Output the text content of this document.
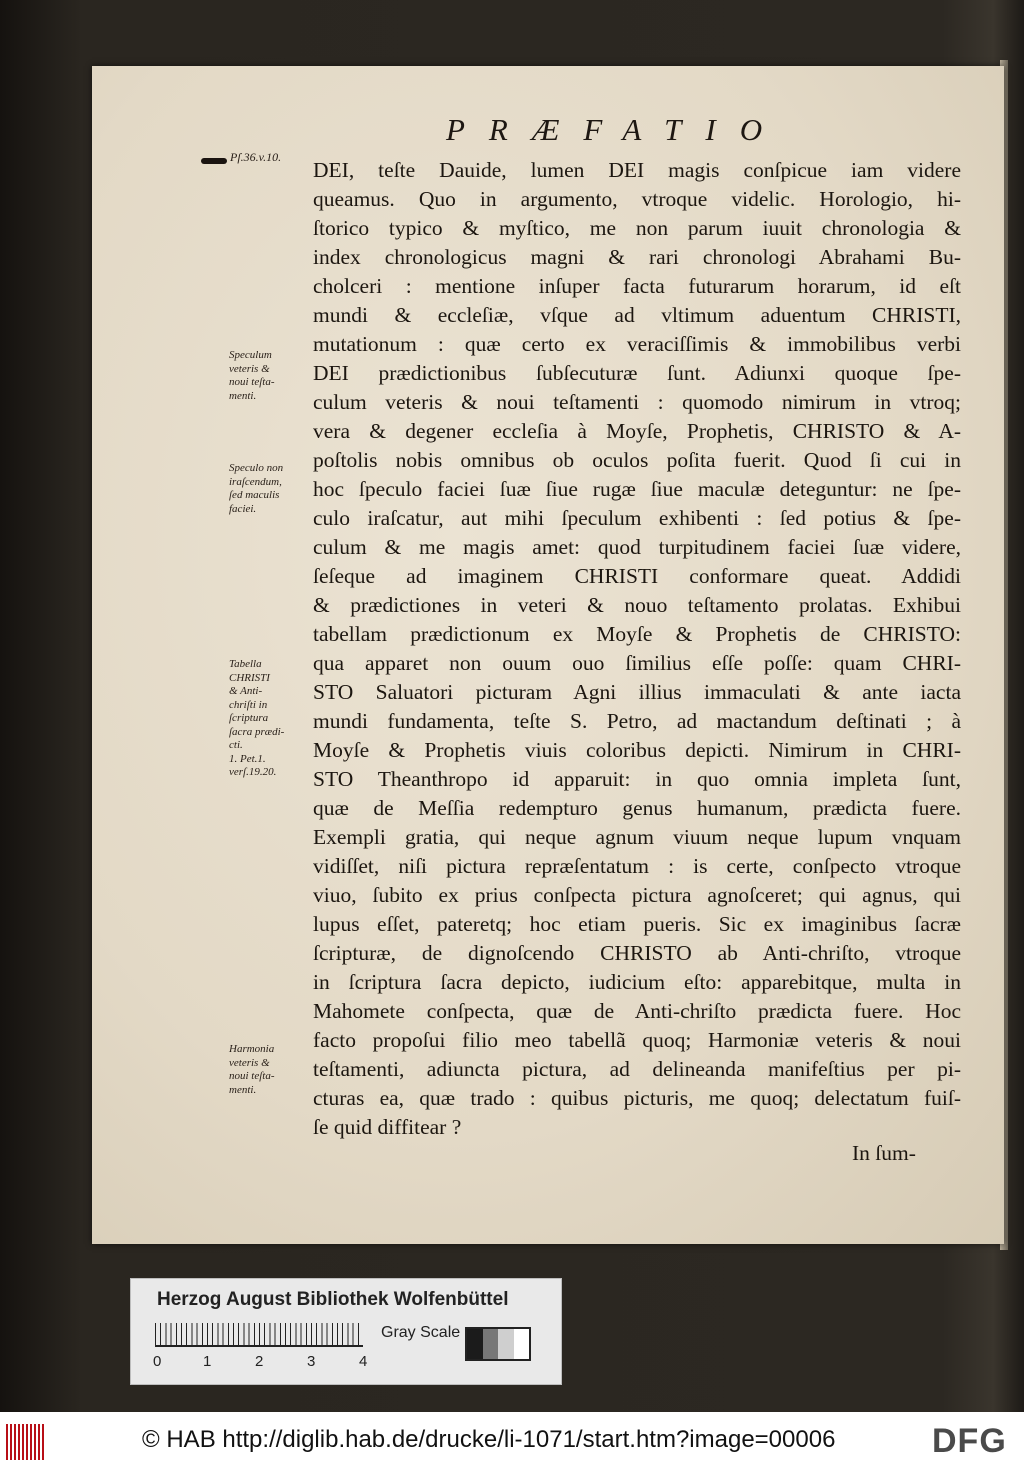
PRÆFATIO
Pſ.36.v.10.
DEI, teſte Dauide, lumen DEI magis conſpicue iam videre
queamus. Quo in argumento, vtroque videlic. Horologio, hi-
ſtorico typico & myſtico, me non parum iuuit chronologia &
index chronologicus magni & rari chronologi Abrahami Bu-
cholceri : mentione inſuper facta futurarum horarum, id eſt
mundi & eccleſiæ, vſque ad vltimum aduentum CHRISTI,
mutationum : quæ certo ex veraciſſimis & immobilibus verbi
DEI prædictionibus ſubſecuturæ ſunt. Adiunxi quoque ſpe-
culum veteris & noui teſtamenti : quomodo nimirum in vtroq;
vera & degener eccleſia à Moyſe, Prophetis, CHRISTO & A-
poſtolis nobis omnibus ob oculos poſita fuerit. Quod ſi cui in
hoc ſpeculo faciei ſuæ ſiue rugæ ſiue maculæ deteguntur: ne ſpe-
culo iraſcatur, aut mihi ſpeculum exhibenti : ſed potius & ſpe-
culum & me magis amet: quod turpitudinem faciei ſuæ videre,
ſeſeque ad imaginem CHRISTI conformare queat. Addidi
& prædictiones in veteri & nouo teſtamento prolatas. Exhibui
tabellam prædictionum ex Moyſe & Prophetis de CHRISTO:
qua apparet non ouum ouo ſimilius eſſe poſſe: quam CHRI-
STO Saluatori picturam Agni illius immaculati & ante iacta
mundi fundamenta, teſte S. Petro, ad mactandum deſtinati ; à
Moyſe & Prophetis viuis coloribus depicti. Nimirum in CHRI-
STO Theanthropo id apparuit: in quo omnia impleta ſunt,
quæ de Meſſia redempturo genus humanum, prædicta fuere.
Exempli gratia, qui neque agnum viuum neque lupum vnquam
vidiſſet, niſi pictura repræſentatum : is certe, conſpecto vtroque
viuo, ſubito ex prius conſpecta pictura agnoſceret; qui agnus, qui
lupus eſſet, pateretq; hoc etiam pueris. Sic ex imaginibus ſacræ
ſcripturæ, de dignoſcendo CHRISTO ab Anti-chriſto, vtroque
in ſcriptura ſacra depicto, iudicium eſto: apparebitque, multa in
Mahomete conſpecta, quæ de Anti-chriſto prædicta fuere. Hoc
facto propoſui filio meo tabellã quoq; Harmoniæ veteris & noui
teſtamenti, adiuncta pictura, ad delineanda manifeſtius per pi-
cturas ea, quæ trado : quibus picturis, me quoq; delectatum fuiſ-
ſe quid diffitear ?
In ſum-
Speculum
veteris &
noui teſta-
menti.
Speculo non
iraſcendum,
ſed maculis
faciei.
Tabella
CHRISTI
& Anti-
chriſti in
ſcriptura
ſacra prædi-
cti.
1. Pet.1.
verſ.19.20.
Harmonia
veteris &
noui teſta-
menti.
Herzog August Bibliothek Wolfenbüttel
0	1	2	3	4
Gray Scale
© HAB http://diglib.hab.de/drucke/li-1071/start.htm?image=00006	DFG
